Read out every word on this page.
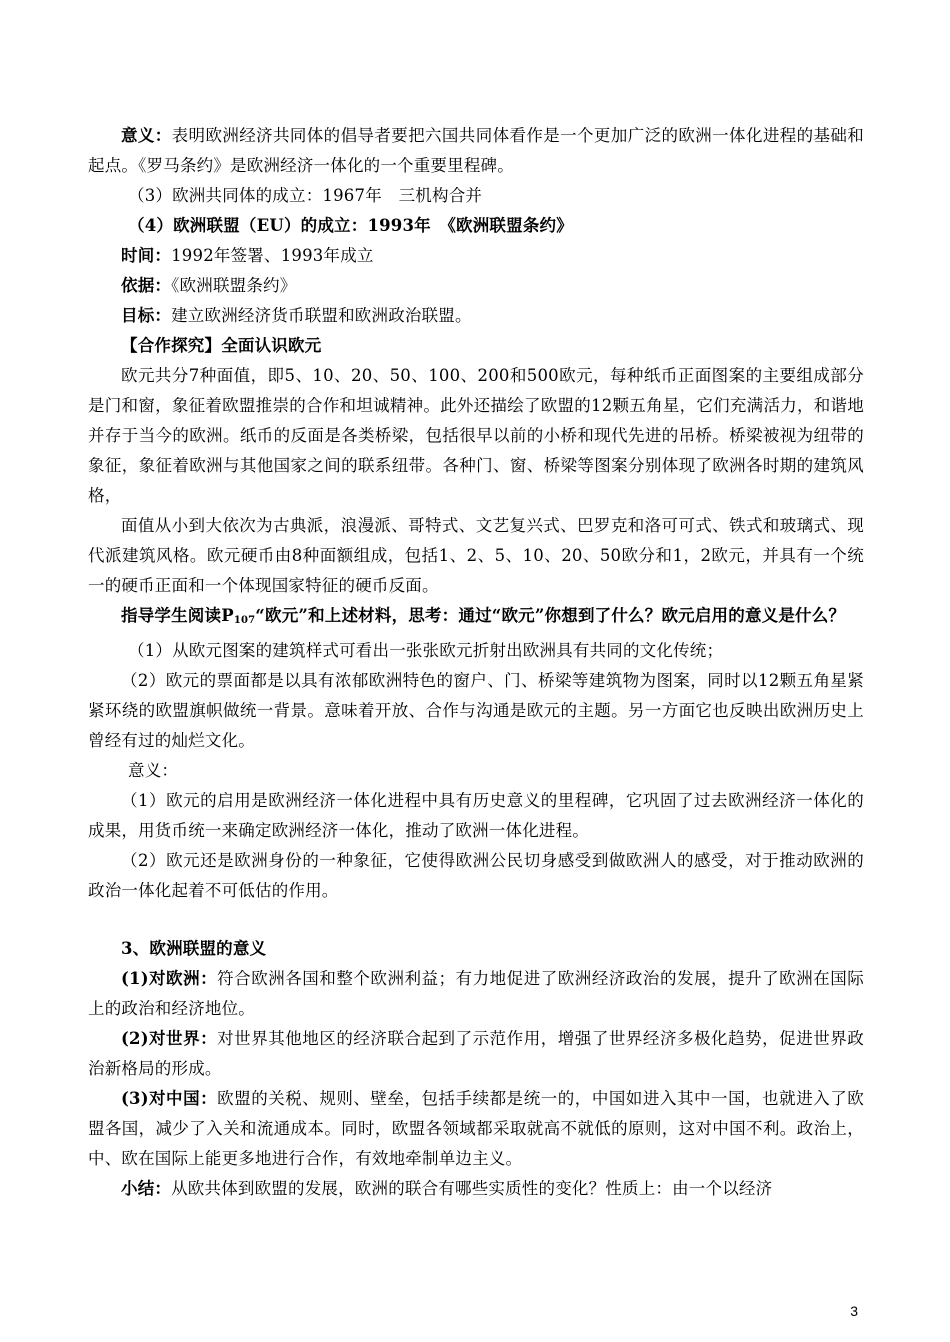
意义：表明欧洲经济共同体的倡导者要把六国共同体看作是一个更加广泛的欧洲一体化进程的基础和起点。《罗马条约》是欧洲经济一体化的一个重要里程碑。

（3）欧洲共同体的成立：1967年　三机构合并

（4）欧洲联盟（EU）的成立：1993年　《欧洲联盟条约》

时间：1992年签署、1993年成立

依据：《欧洲联盟条约》

目标：建立欧洲经济货币联盟和欧洲政治联盟。

【合作探究】全面认识欧元

欧元共分7种面值，即5、10、20、50、100、200和500欧元，每种纸币正面图案的主要组成部分是门和窗，象征着欧盟推崇的合作和坦诚精神。此外还描绘了欧盟的12颗五角星，它们充满活力，和谐地并存于当今的欧洲。纸币的反面是各类桥梁，包括很早以前的小桥和现代先进的吊桥。桥梁被视为纽带的象征，象征着欧洲与其他国家之间的联系纽带。各种门、窗、桥梁等图案分别体现了欧洲各时期的建筑风格，

面值从小到大依次为古典派，浪漫派、哥特式、文艺复兴式、巴罗克和洛可可式、铁式和玻璃式、现代派建筑风格。欧元硬币由8种面额组成，包括1、2、5、10、20、50欧分和1，2欧元，并具有一个统一的硬币正面和一个体现国家特征的硬币反面。

指导学生阅读$P_{107}“$欧元”和上述材料，思考：通过“欧元”你想到了什么？欧元启用的意义是什么？

（1）从欧元图案的建筑样式可看出一张张欧元折射出欧洲具有共同的文化传统；

（2）欧元的票面都是以具有浓郁欧洲特色的窗户、门、桥梁等建筑物为图案，同时以12颗五角星紧紧环绕的欧盟旗帜做统一背景。意味着开放、合作与沟通是欧元的主题。另一方面它也反映出欧洲历史上曾经有过的灿烂文化。

意义：

（1）欧元的启用是欧洲经济一体化进程中具有历史意义的里程碑，它巩固了过去欧洲经济一体化的成果，用货币统一来确定欧洲经济一体化，推动了欧洲一体化进程。

（2）欧元还是欧洲身份的一种象征，它使得欧洲公民切身感受到做欧洲人的感受，对于推动欧洲的政治一体化起着不可低估的作用。

3、欧洲联盟的意义

(1)对欧洲：符合欧洲各国和整个欧洲利益；有力地促进了欧洲经济政治的发展，提升了欧洲在国际上的政治和经济地位。

(2)对世界：对世界其他地区的经济联合起到了示范作用，增强了世界经济多极化趋势，促进世界政治新格局的形成。

(3)对中国：欧盟的关税、规则、壁垒，包括手续都是统一的，中国如进入其中一国，也就进入了欧盟各国，减少了入关和流通成本。同时，欧盟各领域都采取就高不就低的原则，这对中国不利。政治上，中、欧在国际上能更多地进行合作，有效地牵制单边主义。

小结：从欧共体到欧盟的发展，欧洲的联合有哪些实质性的变化？性质上：由一个以经济

3
